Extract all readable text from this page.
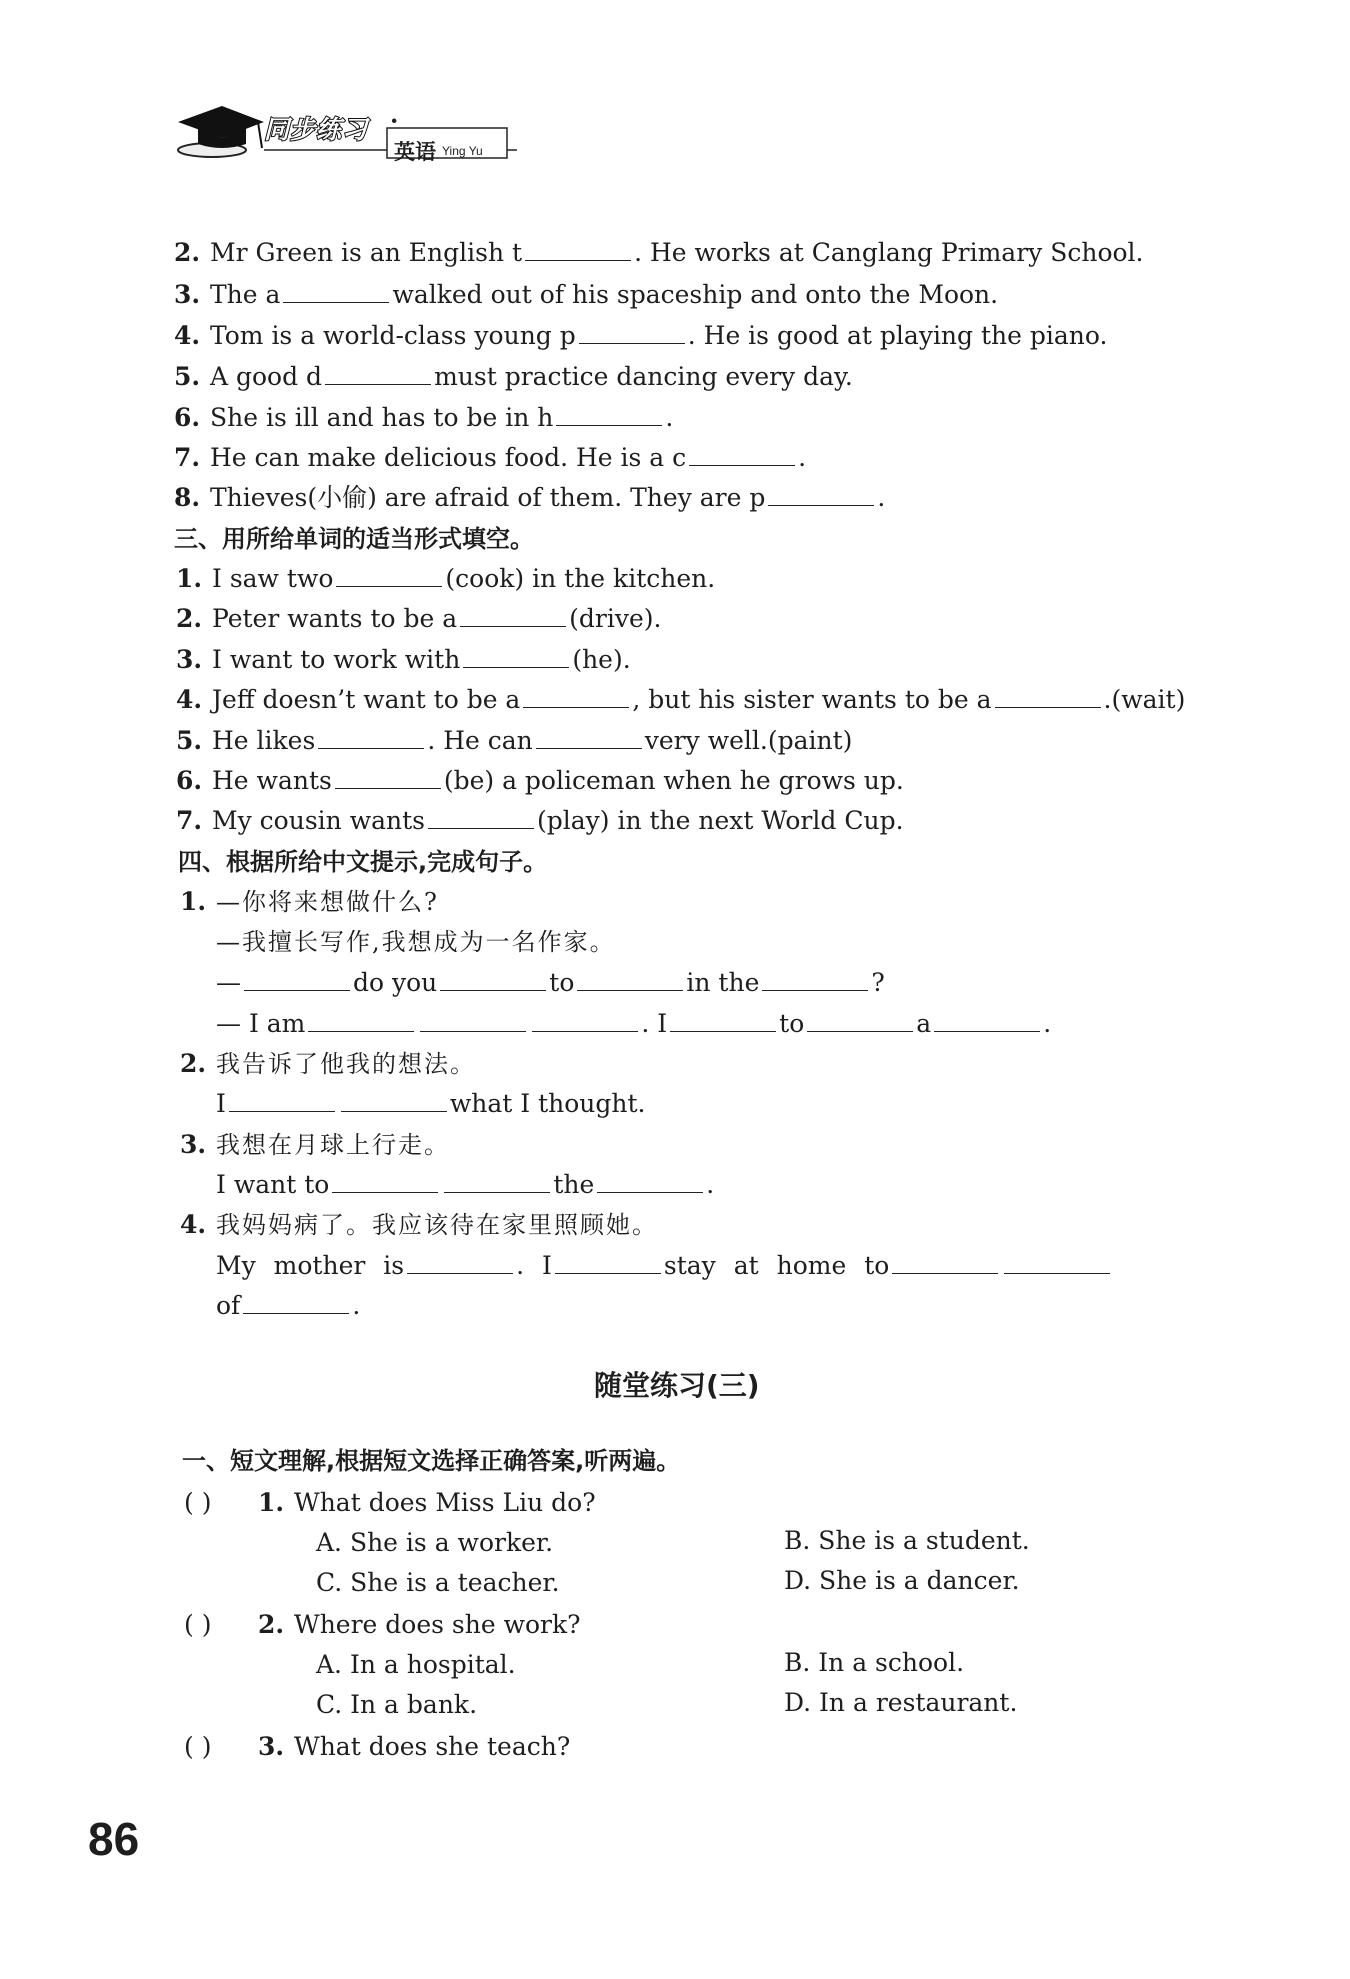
同步练习 ·
英语 Ying Yu
2. Mr Green is an English t	. He works at Canglang Primary School.
3. The a	walked out of his spaceship and onto the Moon.
4. Tom is a world-class young p	. He is good at playing the piano.
5. A good d	must practice dancing every day.
6. She is ill and has to be in h	.
7. He can make delicious food. He is a c	.
8. Thieves(小偷) are afraid of them. They are p	.
三、用所给单词的适当形式填空。
1. I saw two	(cook) in the kitchen.
2. Peter wants to be a	(drive).
3. I want to work with	(he).
4. Jeff doesn’t want to be a	, but his sister wants to be a	.(wait)
5. He likes	. He can	very well.(paint)
6. He wants	(be) a policeman when he grows up.
7. My cousin wants	(play) in the next World Cup.
四、根据所给中文提示,完成句子。
1. —你将来想做什么?
—我擅长写作,我想成为一名作家。
—	do you	to	in the	?
— I am	. I	to	a	.
2. 我告诉了他我的想法。
I	what I thought.
3. 我想在月球上行走。
I want to	the	.
4. 我妈妈病了。我应该待在家里照顾她。
My mother is	. I	stay at home to
of	.
随堂练习(三)
一、短文理解,根据短文选择正确答案,听两遍。
( ) 1. What does Miss Liu do?
A. She is a worker.	B. She is a student.
C. She is a teacher.	D. She is a dancer.
( ) 2. Where does she work?
A. In a hospital.	B. In a school.
C. In a bank.	D. In a restaurant.
( ) 3. What does she teach?
86
